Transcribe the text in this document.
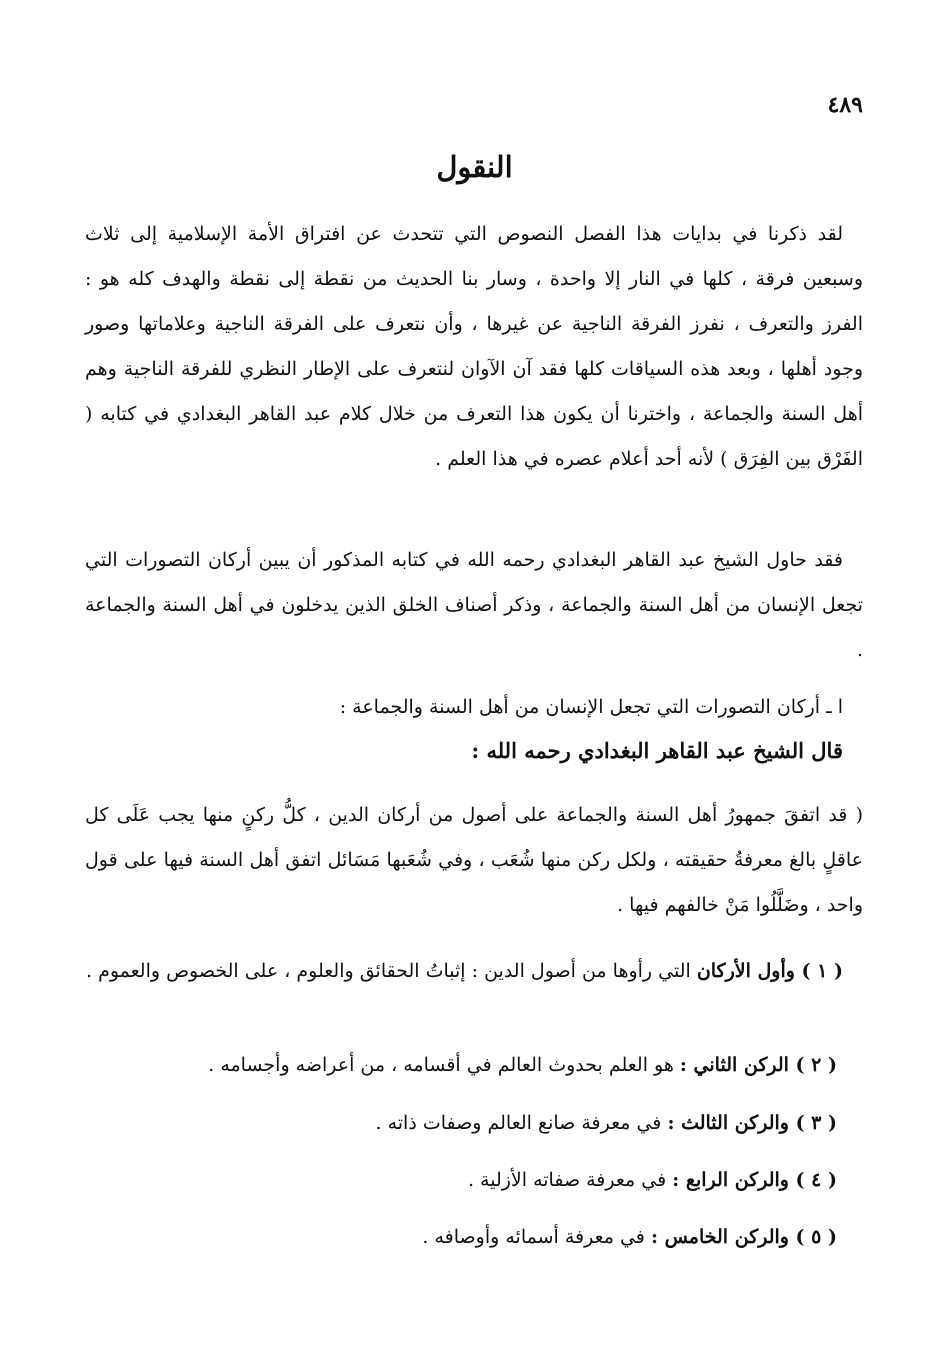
٤٨٩
النقول

لقد ذكرنا في بدايات هذا الفصل النصوص التي تتحدث عن افتراق الأمة الإسلامية إلى ثلاث وسبعين فرقة ، كلها في النار إلا واحدة ، وسار بنا الحديث من نقطة إلى نقطة والهدف كله هو : الفرز والتعرف ، نفرز الفرقة الناجية عن غيرها ، وأن نتعرف على الفرقة الناجية وعلاماتها وصور وجود أهلها ، وبعد هذه السياقات كلها فقد آن الآوان لنتعرف على الإطار النظري للفرقة الناجية وهم أهل السنة والجماعة ، واخترنا أن يكون هذا التعرف من خلال كلام عبد القاهر البغدادي في كتابه ( الفَرْق بين الفِرَق ) لأنه أحد أعلام عصره في هذا العلم .

فقد حاول الشيخ عبد القاهر البغدادي رحمه الله في كتابه المذكور أن يبين أركان التصورات التي تجعل الإنسان من أهل السنة والجماعة ، وذكر أصناف الخلق الذين يدخلون في أهل السنة والجماعة .

ا ـ أركان التصورات التي تجعل الإنسان من أهل السنة والجماعة :

قال الشيخ عبد القاهر البغدادي رحمه الله :

( قد اتفقَ جمهورُ أهل السنة والجماعة على أصول من أركان الدين ، كلُّ ركنٍ منها يجب عَلَى كل عاقلٍ بالغ معرفةُ حقيقته ، ولكل ركن منها شُعَب ، وفي شُعَبها مَسَائل اتفق أهل السنة فيها على قول واحد ، وضَلَّلُوا مَنْ خالفهم فيها .

( ١ ) وأول الأركان التي رأوها من أصول الدين : إثباتُ الحقائق والعلوم ، على الخصوص والعموم .

( ٢ ) الركن الثاني : هو العلم بحدوث العالم في أقسامه ، من أعراضه وأجسامه .
( ٣ ) والركن الثالث : في معرفة صانع العالم وصفات ذاته .
( ٤ ) والركن الرابع : في معرفة صفاته الأزلية .
( ٥ ) والركن الخامس : في معرفة أسمائه وأوصافه .
